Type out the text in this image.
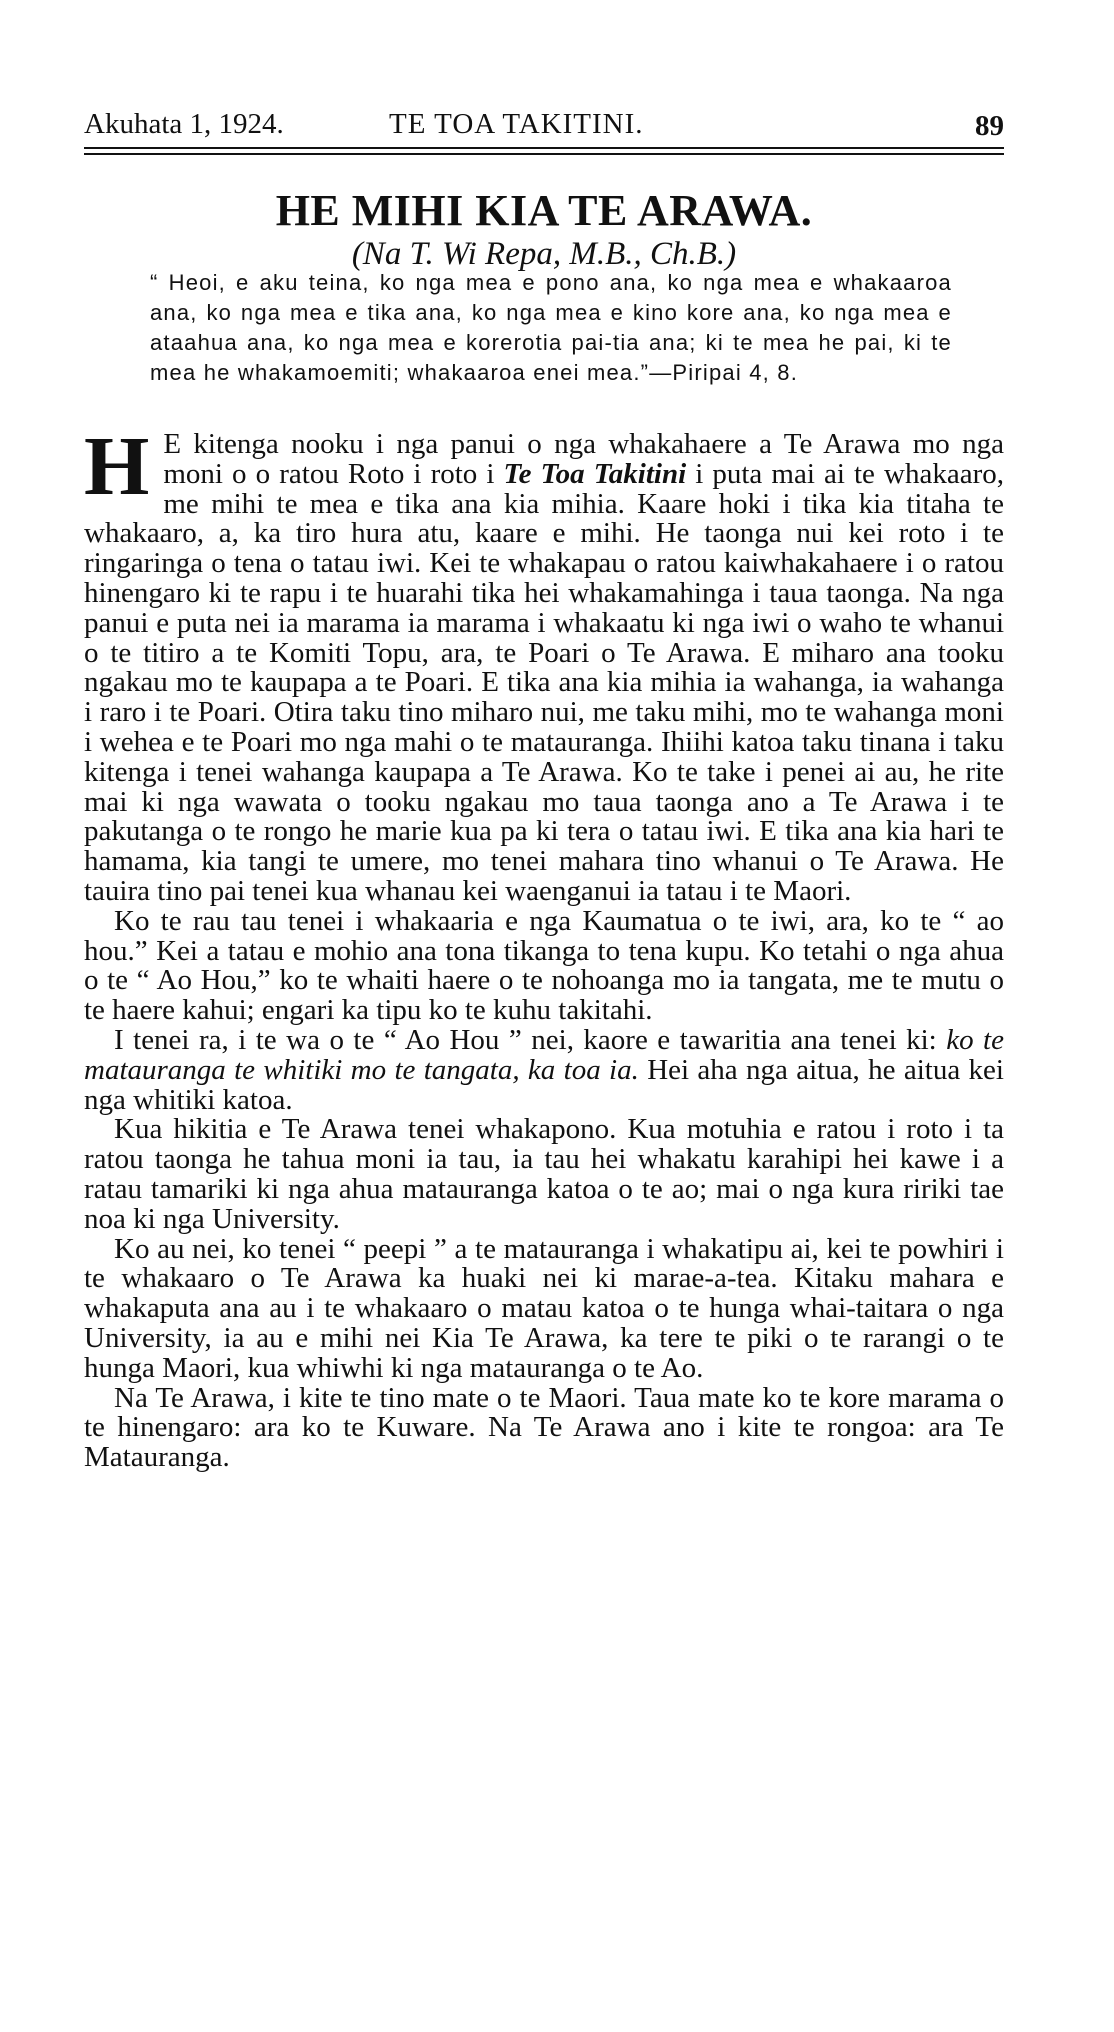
Akuhata 1, 1924.	TE TOA TAKITINI.	89
HE MIHI KIA TE ARAWA.
(Na T. Wi Repa, M.B., Ch.B.)
“ Heoi, e aku teina, ko nga mea e pono ana, ko nga mea e whakaaroa ana, ko nga mea e tika ana, ko nga mea e kino kore ana, ko nga mea e ataahua ana, ko nga mea e korerotia pai-tia ana; ki te mea he pai, ki te mea he whakamoemiti; whakaaroa enei mea.”—Piripai 4, 8.

H E kitenga nooku i nga panui o nga whakahaere a Te Arawa mo nga moni o o ratou Roto i roto i Te Toa Takitini i puta mai ai te whakaaro, me mihi te mea e tika ana kia mihia. Kaare hoki i tika kia titaha te whakaaro, a, ka tiro hura atu, kaare e mihi. He taonga nui kei roto i te ringaringa o tena o tatau iwi. Kei te whakapau o ratou kaiwhakahaere i o ratou hinengaro ki te rapu i te huarahi tika hei whakamahinga i taua taonga. Na nga panui e puta nei ia marama ia marama i whakaatu ki nga iwi o waho te whanui o te titiro a te Komiti Topu, ara, te Poari o Te Arawa. E miharo ana tooku ngakau mo te kaupapa a te Poari. E tika ana kia mihia ia wahanga, ia wahanga i raro i te Poari. Otira taku tino miharo nui, me taku mihi, mo te wahanga moni i wehea e te Poari mo nga mahi o te matauranga. Ihiihi katoa taku tinana i taku kitenga i tenei wahanga kaupapa a Te Arawa. Ko te take i penei ai au, he rite mai ki nga wawata o tooku ngakau mo taua taonga ano a Te Arawa i te pakutanga o te rongo he marie kua pa ki tera o tatau iwi. E tika ana kia hari te hamama, kia tangi te umere, mo tenei mahara tino whanui o Te Arawa. He tauira tino pai tenei kua whanau kei waenganui ia tatau i te Maori.

Ko te rau tau tenei i whakaaria e nga Kaumatua o te iwi, ara, ko te “ ao hou.” Kei a tatau e mohio ana tona tikanga to tena kupu. Ko tetahi o nga ahua o te “ Ao Hou,” ko te whaiti haere o te nohoanga mo ia tangata, me te mutu o te haere kahui; engari ka tipu ko te kuhu takitahi.

I tenei ra, i te wa o te “ Ao Hou ” nei, kaore e tawaritia ana tenei ki: ko te matauranga te whitiki mo te tangata, ka toa ia. Hei aha nga aitua, he aitua kei nga whitiki katoa.

Kua hikitia e Te Arawa tenei whakapono. Kua motuhia e ratou i roto i ta ratou taonga he tahua moni ia tau, ia tau hei whakatu karahipi hei kawe i a ratau tamariki ki nga ahua matauranga katoa o te ao; mai o nga kura ririki tae noa ki nga University.

Ko au nei, ko tenei “ peepi ” a te matauranga i whakatipu ai, kei te powhiri i te whakaaro o Te Arawa ka huaki nei ki marae-a-tea. Kitaku mahara e whakaputa ana au i te whakaaro o matau katoa o te hunga whai-taitara o nga University, ia au e mihi nei Kia Te Arawa, ka tere te piki o te rarangi o te hunga Maori, kua whiwhi ki nga matauranga o te Ao.

Na Te Arawa, i kite te tino mate o te Maori. Taua mate ko te kore marama o te hinengaro: ara ko te Kuware. Na Te Arawa ano i kite te rongoa: ara Te Matauranga.
